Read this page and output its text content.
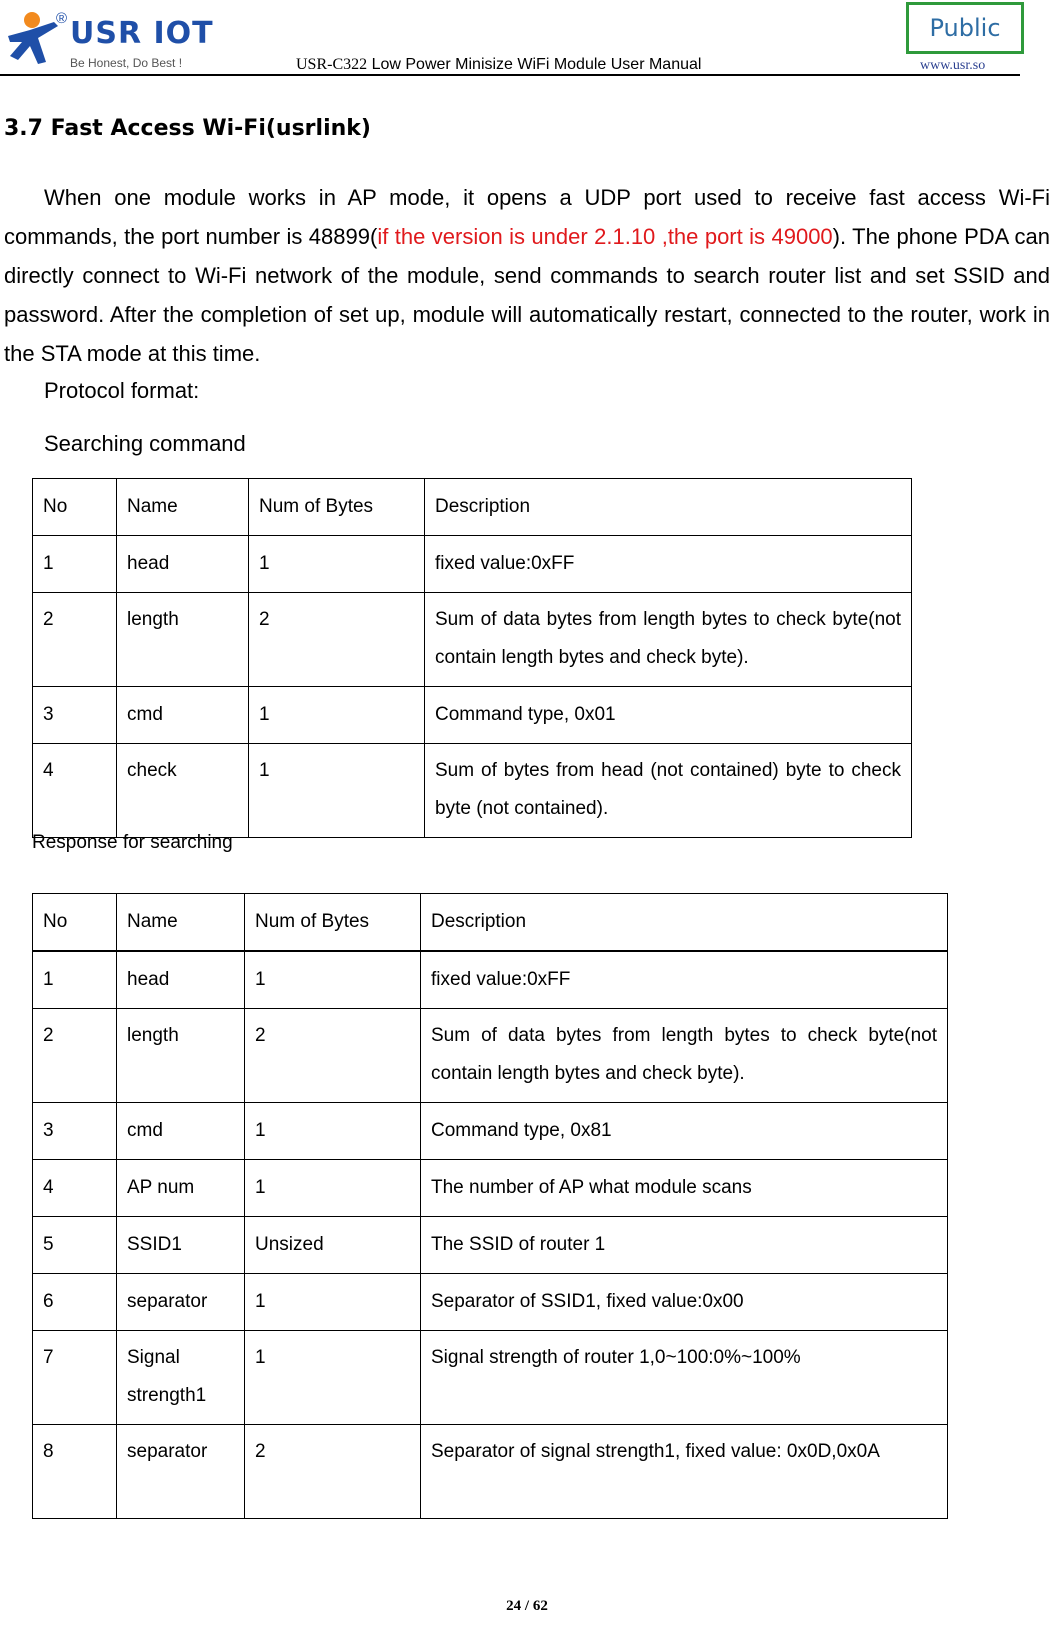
® USR IOT
Be Honest, Do Best !	USR-C322 Low Power Minisize WiFi Module User Manual
Public
www.usr.so
3.7 Fast Access Wi-Fi(usrlink)

When one module works in AP mode, it opens a UDP port used to receive fast access Wi-Fi commands, the port number is 48899(if the version is under 2.1.10 ,the port is 49000). The phone PDA can directly connect to Wi-Fi network of the module, send commands to search router list and set SSID and password. After the completion of set up, module will automatically restart, connected to the router, work in the STA mode at this time.

Protocol format:
Searching command
No	Name	Num of Bytes	Description
1	head	1	fixed value:0xFF
2	length	2	Sum of data bytes from length bytes to check byte(not contain length bytes and check byte).
3	cmd	1	Command type, 0x01
4	check	1	Sum of bytes from head (not contained) byte to check byte (not contained).
Response for searching
No	Name	Num of Bytes	Description
1	head	1	fixed value:0xFF
2	length	2	Sum of data bytes from length bytes to check byte(not contain length bytes and check byte).
3	cmd	1	Command type, 0x81
4	AP num	1	The number of AP what module scans
5	SSID1	Unsized	The SSID of router 1
6	separator	1	Separator of SSID1, fixed value:0x00
7	Signal strength1	1	Signal strength of router 1,0~100:0%~100%
8	separator	2	Separator of signal strength1, fixed value: 0x0D,0x0A
24 / 62
